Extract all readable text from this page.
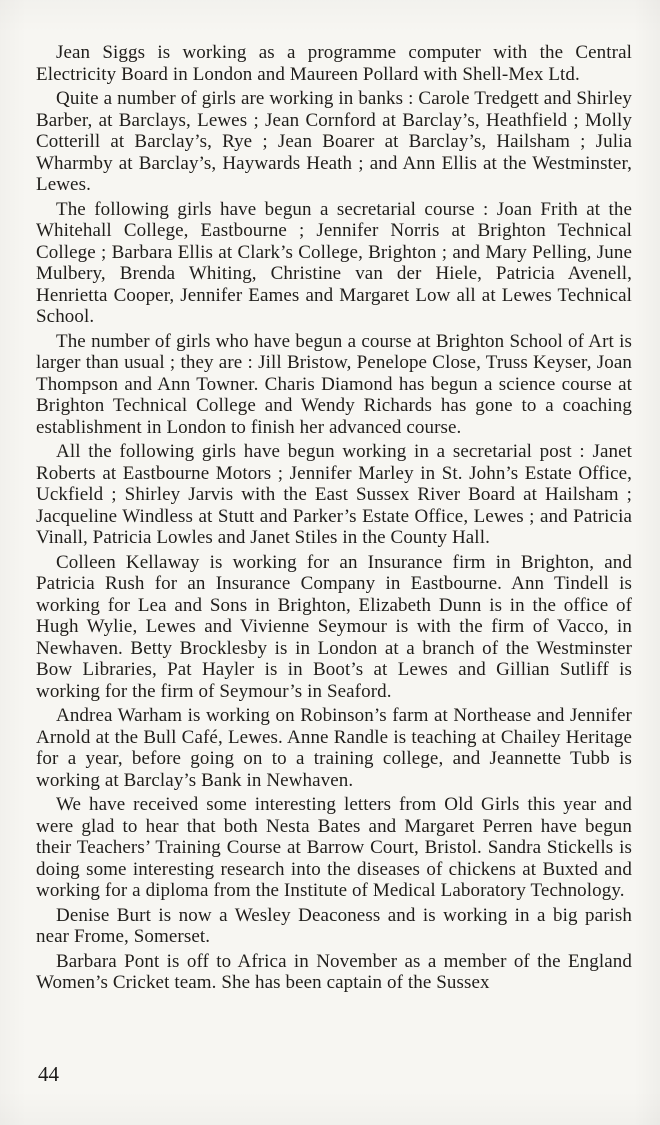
Jean Siggs is working as a programme computer with the Central Electricity Board in London and Maureen Pollard with Shell-Mex Ltd.

Quite a number of girls are working in banks : Carole Tredgett and Shirley Barber, at Barclays, Lewes ; Jean Cornford at Barclay’s, Heathfield ; Molly Cotterill at Barclay’s, Rye ; Jean Boarer at Barclay’s, Hailsham ; Julia Wharmby at Barclay’s, Haywards Heath ; and Ann Ellis at the Westminster, Lewes.

The following girls have begun a secretarial course : Joan Frith at the Whitehall College, Eastbourne ; Jennifer Norris at Brighton Technical College ; Barbara Ellis at Clark’s College, Brighton ; and Mary Pelling, June Mulbery, Brenda Whiting, Christine van der Hiele, Patricia Avenell, Henrietta Cooper, Jennifer Eames and Margaret Low all at Lewes Technical School.

The number of girls who have begun a course at Brighton School of Art is larger than usual ; they are : Jill Bristow, Penelope Close, Truss Keyser, Joan Thompson and Ann Towner. Charis Diamond has begun a science course at Brighton Technical College and Wendy Richards has gone to a coaching establishment in London to finish her advanced course.

All the following girls have begun working in a secretarial post : Janet Roberts at Eastbourne Motors ; Jennifer Marley in St. John’s Estate Office, Uckfield ; Shirley Jarvis with the East Sussex River Board at Hailsham ; Jacqueline Windless at Stutt and Parker’s Estate Office, Lewes ; and Patricia Vinall, Patricia Lowles and Janet Stiles in the County Hall.

Colleen Kellaway is working for an Insurance firm in Brighton, and Patricia Rush for an Insurance Company in Eastbourne. Ann Tindell is working for Lea and Sons in Brighton, Elizabeth Dunn is in the office of Hugh Wylie, Lewes and Vivienne Seymour is with the firm of Vacco, in Newhaven. Betty Brocklesby is in London at a branch of the Westminster Bow Libraries, Pat Hayler is in Boot’s at Lewes and Gillian Sutliff is working for the firm of Seymour’s in Seaford.

Andrea Warham is working on Robinson’s farm at Northease and Jennifer Arnold at the Bull Café, Lewes. Anne Randle is teaching at Chailey Heritage for a year, before going on to a training college, and Jeannette Tubb is working at Barclay’s Bank in Newhaven.

We have received some interesting letters from Old Girls this year and were glad to hear that both Nesta Bates and Margaret Perren have begun their Teachers’ Training Course at Barrow Court, Bristol. Sandra Stickells is doing some interesting research into the diseases of chickens at Buxted and working for a diploma from the Institute of Medical Laboratory Technology.

Denise Burt is now a Wesley Deaconess and is working in a big parish near Frome, Somerset.

Barbara Pont is off to Africa in November as a member of the England Women’s Cricket team. She has been captain of the Sussex

44
